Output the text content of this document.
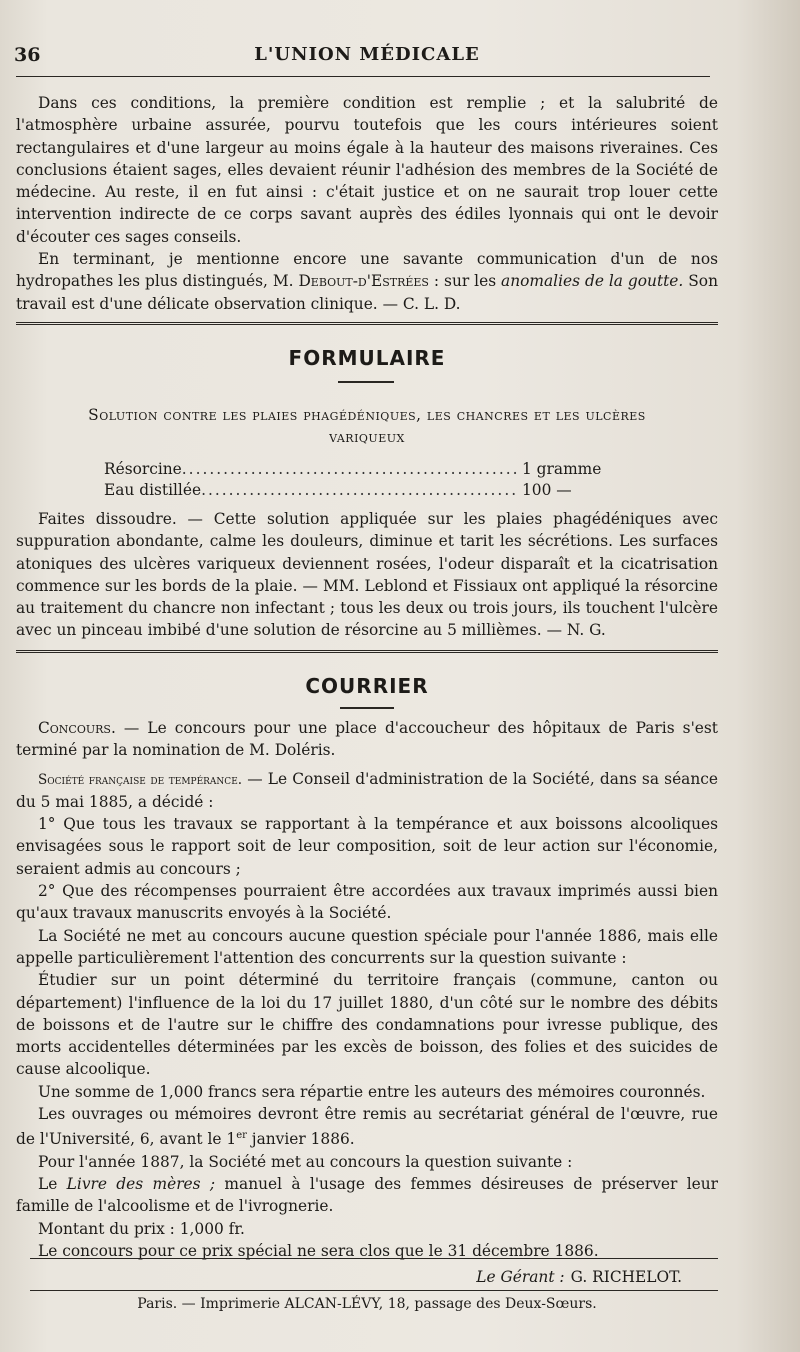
36	L'UNION MÉDICALE

Dans ces conditions, la première condition est remplie ; et la salubrité de l'atmosphère urbaine assurée, pourvu toutefois que les cours intérieures soient rectangulaires et d'une largeur au moins égale à la hauteur des maisons riveraines. Ces conclusions étaient sages, elles devaient réunir l'adhésion des membres de la Société de médecine. Au reste, il en fut ainsi : c'était justice et on ne saurait trop louer cette intervention indirecte de ce corps savant auprès des édiles lyonnais qui ont le devoir d'écouter ces sages conseils.

En terminant, je mentionne encore une savante communication d'un de nos hydropathes les plus distingués, M. Debout-d'Estrées : sur les anomalies de la goutte. Son travail est d'une délicate observation clinique. — C. L. D.

FORMULAIRE
Solution contre les plaies phagédéniques, les chancres et les ulcères
variqueux
Résorcine .....	1 gramme
Eau distillée .....	100 —

Faites dissoudre. — Cette solution appliquée sur les plaies phagédéniques avec suppuration abondante, calme les douleurs, diminue et tarit les sécrétions. Les surfaces atoniques des ulcères variqueux deviennent rosées, l'odeur disparaît et la cicatrisation commence sur les bords de la plaie. — MM. Leblond et Fissiaux ont appliqué la résorcine au traitement du chancre non infectant ; tous les deux ou trois jours, ils touchent l'ulcère avec un pinceau imbibé d'une solution de résorcine au 5 millièmes. — N. G.

COURRIER

Concours. — Le concours pour une place d'accoucheur des hôpitaux de Paris s'est terminé par la nomination de M. Doléris.

Société française de tempérance. — Le Conseil d'administration de la Société, dans sa séance du 5 mai 1885, a décidé :

1° Que tous les travaux se rapportant à la tempérance et aux boissons alcooliques envisagées sous le rapport soit de leur composition, soit de leur action sur l'économie, seraient admis au concours ;

2° Que des récompenses pourraient être accordées aux travaux imprimés aussi bien qu'aux travaux manuscrits envoyés à la Société.

La Société ne met au concours aucune question spéciale pour l'année 1886, mais elle appelle particulièrement l'attention des concurrents sur la question suivante :

Étudier sur un point déterminé du territoire français (commune, canton ou département) l'influence de la loi du 17 juillet 1880, d'un côté sur le nombre des débits de boissons et de l'autre sur le chiffre des condamnations pour ivresse publique, des morts accidentelles déterminées par les excès de boisson, des folies et des suicides de cause alcoolique.

Une somme de 1,000 francs sera répartie entre les auteurs des mémoires couronnés.

Les ouvrages ou mémoires devront être remis au secrétariat général de l'œuvre, rue de l'Université, 6, avant le 1er janvier 1886.

Pour l'année 1887, la Société met au concours la question suivante :

Le Livre des mères ; manuel à l'usage des femmes désireuses de préserver leur famille de l'alcoolisme et de l'ivrognerie.

Montant du prix : 1,000 fr.

Le concours pour ce prix spécial ne sera clos que le 31 décembre 1886.

Le Gérant : G. RICHELOT.
Paris. — Imprimerie ALCAN-LÉVY, 18, passage des Deux-Sœurs.
